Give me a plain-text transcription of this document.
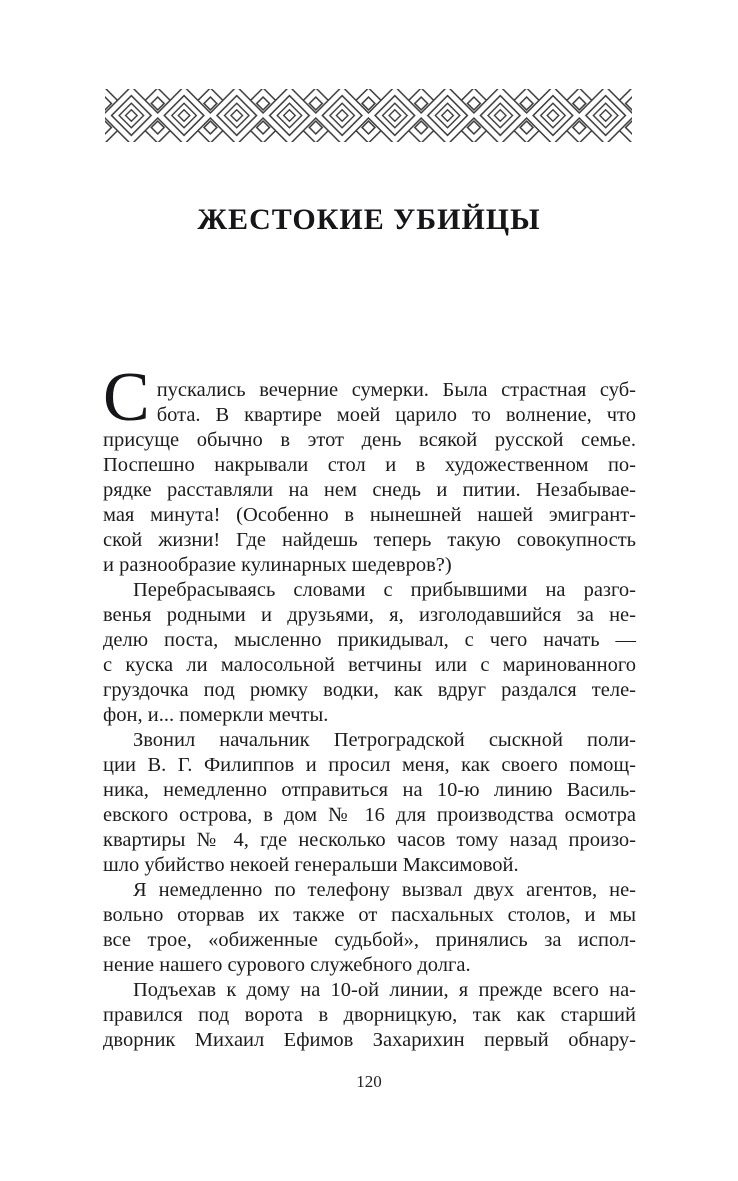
ЖЕСТОКИЕ УБИЙЦЫ
С пускались вечерние сумерки. Была страстная суб-
бота. В квартире моей царило то волнение, что
присуще обычно в этот день всякой русской семье.
Поспешно накрывали стол и в художественном по-
рядке расставляли на нем снедь и питии. Незабывае-
мая минута! (Особенно в нынешней нашей эмигрант-
ской жизни! Где найдешь теперь такую совокупность
и разнообразие кулинарных шедевров?)
Перебрасываясь словами с прибывшими на разго-
венья родными и друзьями, я, изголодавшийся за не-
делю поста, мысленно прикидывал, с чего начать —
с куска ли малосольной ветчины или с маринованного
груздочка под рюмку водки, как вдруг раздался теле-
фон, и... померкли мечты.
Звонил начальник Петроградской сыскной поли-
ции В. Г. Филиппов и просил меня, как своего помощ-
ника, немедленно отправиться на 10-ю линию Василь-
евского острова, в дом № 16 для производства осмотра
квартиры № 4, где несколько часов тому назад произо-
шло убийство некоей генеральши Максимовой.
Я немедленно по телефону вызвал двух агентов, не-
вольно оторвав их также от пасхальных столов, и мы
все трое, «обиженные судьбой», принялись за испол-
нение нашего сурового служебного долга.
Подъехав к дому на 10-ой линии, я прежде всего на-
правился под ворота в дворницкую, так как старший
дворник Михаил Ефимов Захарихин первый обнару-
120
